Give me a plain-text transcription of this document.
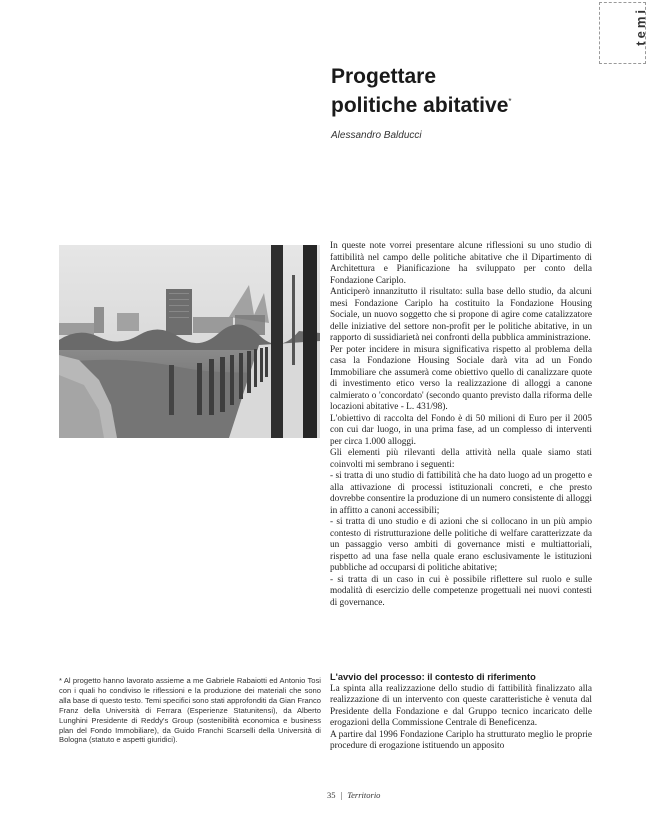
temi
Progettare
politiche abitative*
Alessandro Balducci

In queste note vorrei presentare alcune riflessioni su uno studio di fattibilità nel campo delle politiche abitative che il Dipartimento di Architettura e Pianificazione ha sviluppato per conto della Fondazione Cariplo.

Anticiperò innanzitutto il risultato: sulla base dello studio, da alcuni mesi Fondazione Cariplo ha costituito la Fondazione Housing Sociale, un nuovo soggetto che si propone di agire come catalizzatore delle iniziative del settore non-profit per le politiche abitative, in un rapporto di sussidiarietà nei confronti della pubblica amministrazione.

Per poter incidere in misura significativa rispetto al problema della casa la Fondazione Housing Sociale darà vita ad un Fondo Immobiliare che assumerà come obiettivo quello di canalizzare quote di investimento etico verso la realizzazione di alloggi a canone calmierato o 'concordato' (secondo quanto previsto dalla riforma delle locazioni abitative - L. 431/98).

L'obiettivo di raccolta del Fondo è di 50 milioni di Euro per il 2005 con cui dar luogo, in una prima fase, ad un complesso di interventi per circa 1.000 alloggi.

Gli elementi più rilevanti della attività nella quale siamo stati coinvolti mi sembrano i seguenti:

- si tratta di uno studio di fattibilità che ha dato luogo ad un progetto e alla attivazione di processi istituzionali concreti, e che presto dovrebbe consentire la produzione di un numero consistente di alloggi in affitto a canoni accessibili;

- si tratta di uno studio e di azioni che si collocano in un più ampio contesto di ristrutturazione delle politiche di welfare caratterizzate da un passaggio verso ambiti di governance misti e multiattoriali, rispetto ad una fase nella quale erano esclusivamente le istituzioni pubbliche ad occuparsi di politiche abitative;

- si tratta di un caso in cui è possibile riflettere sul ruolo e sulle modalità di esercizio delle competenze progettuali nei nuovi contesti di governance.

* Al progetto hanno lavorato assieme a me Gabriele Rabaiotti ed Antonio Tosi con i quali ho condiviso le riflessioni e la produzione dei materiali che sono alla base di questo testo. Temi specifici sono stati approfonditi da Gian Franco Franz della Università di Ferrara (Esperienze Statunitensi), da Alberto Lunghini Presidente di Reddy's Group (sostenibilità economica e business plan del Fondo Immobiliare), da Guido Franchi Scarselli della Università di Bologna (statuto e aspetti giuridici).

L'avvio del processo: il contesto di riferimento

La spinta alla realizzazione dello studio di fattibilità finalizzato alla realizzazione di un intervento con queste caratteristiche è venuta dal Presidente della Fondazione e dal Gruppo tecnico incaricato delle erogazioni della Commissione Centrale di Beneficenza.

A partire dal 1996 Fondazione Cariplo ha strutturato meglio le proprie procedure di erogazione istituendo un apposito

35 | Territorio
